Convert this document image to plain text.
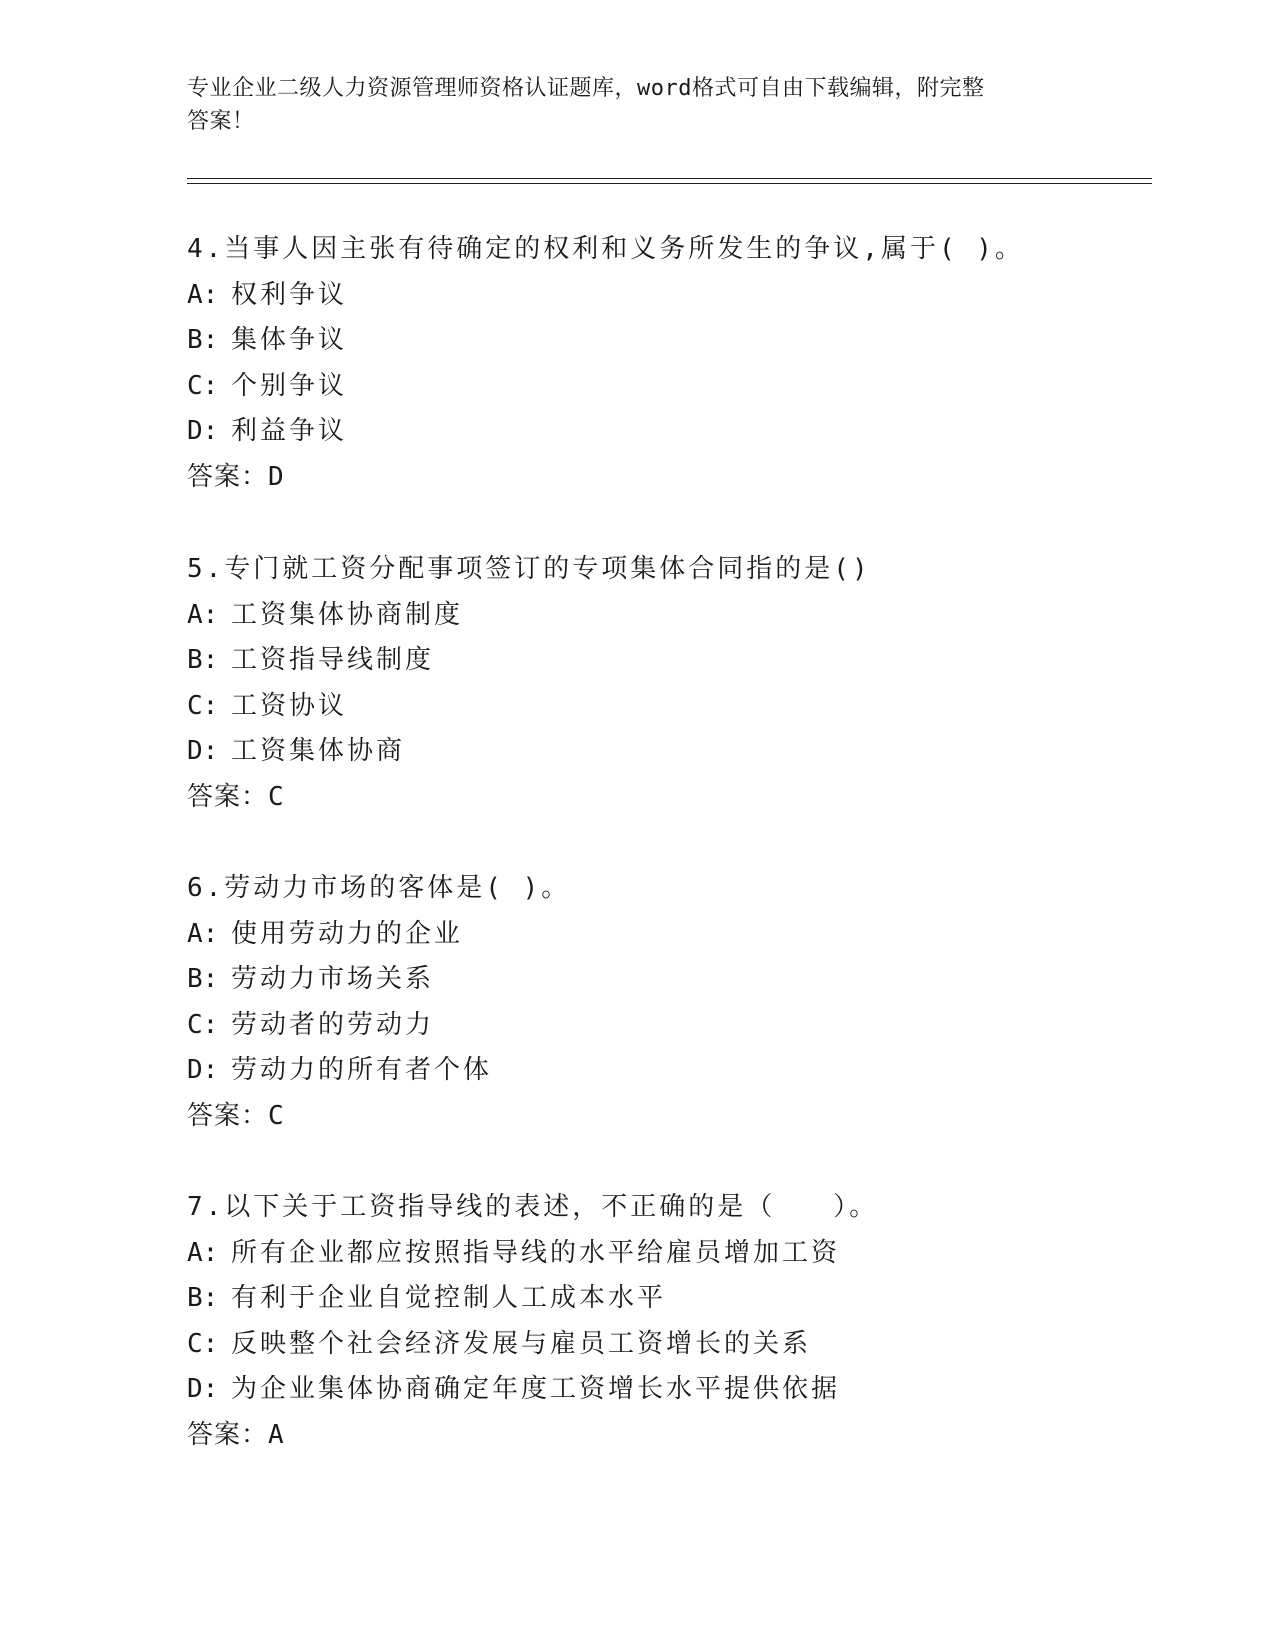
专业企业二级人力资源管理师资格认证题库，word格式可自由下载编辑，附完整
答案！
4.当事人因主张有待确定的权利和义务所发生的争议,属于( )。
A: 权利争议
B: 集体争议
C: 个别争议
D: 利益争议
答案：D
5.专门就工资分配事项签订的专项集体合同指的是()
A: 工资集体协商制度
B: 工资指导线制度
C: 工资协议
D: 工资集体协商
答案：C
6.劳动力市场的客体是( )。
A: 使用劳动力的企业
B: 劳动力市场关系
C: 劳动者的劳动力
D: 劳动力的所有者个体
答案：C
7.以下关于工资指导线的表述，不正确的是（　　）。
A: 所有企业都应按照指导线的水平给雇员增加工资
B: 有利于企业自觉控制人工成本水平
C: 反映整个社会经济发展与雇员工资增长的关系
D: 为企业集体协商确定年度工资增长水平提供依据
答案：A
